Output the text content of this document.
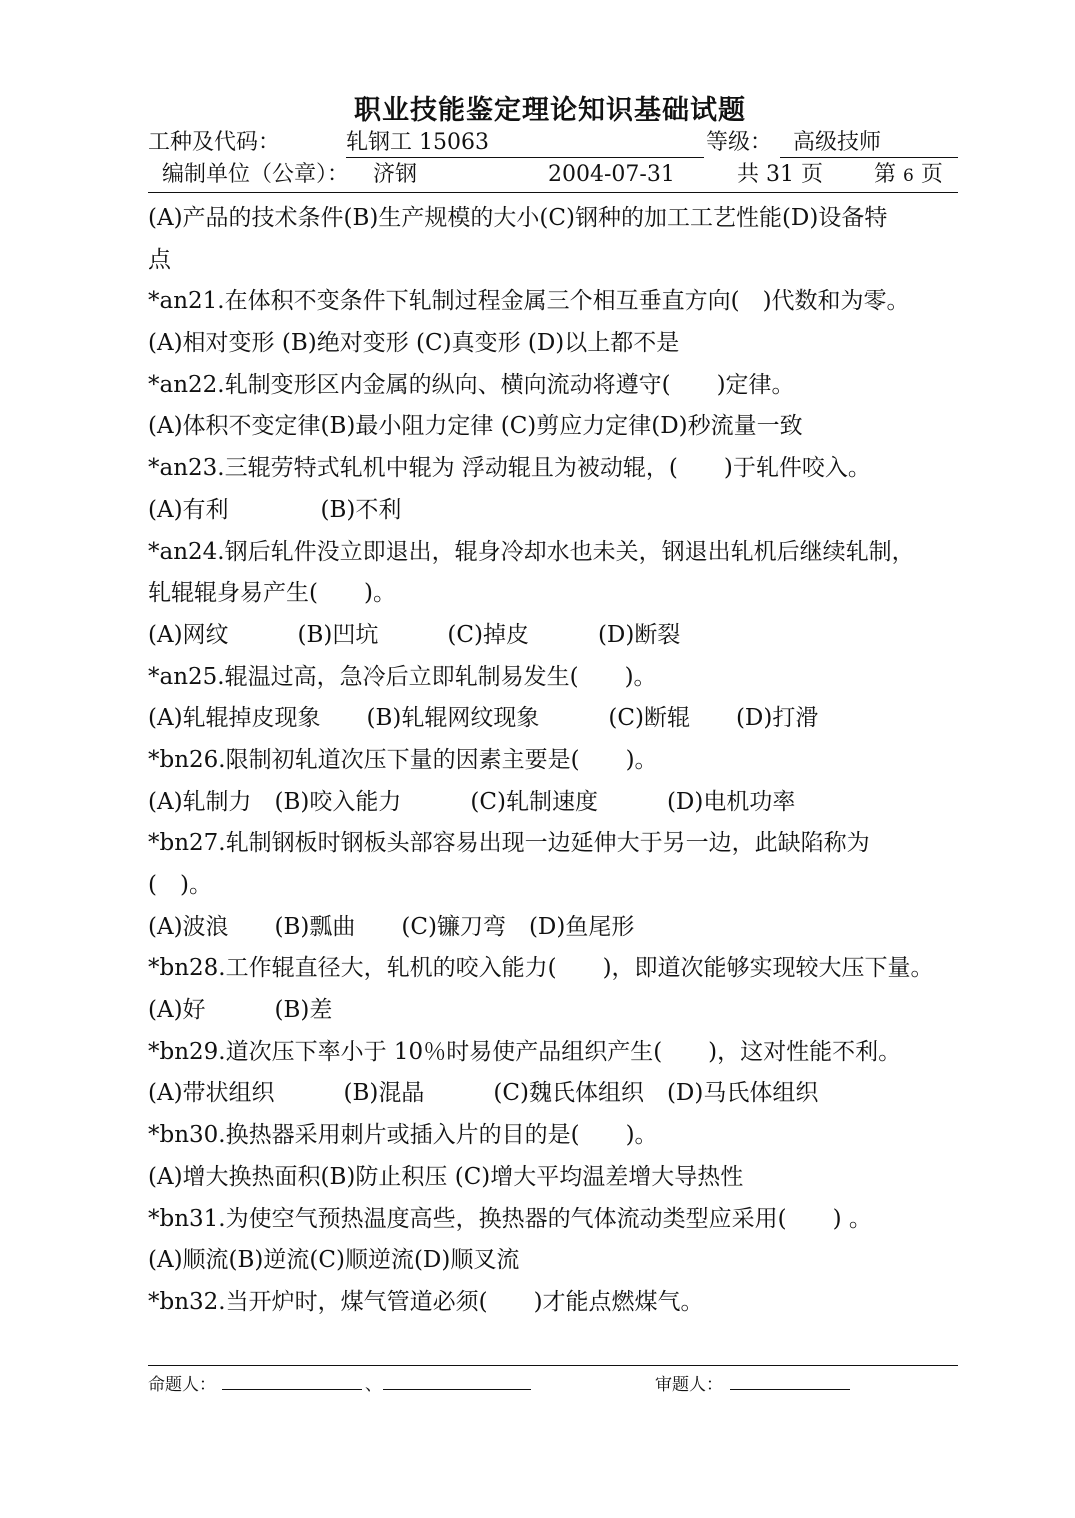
职业技能鉴定理论知识基础试题
工种及代码：	轧钢工 15063	等级： 高级技师
编制单位（公章）： 济钢	2004-07-31	共 31 页 第 6 页
(A)产品的技术条件(B)生产规模的大小(C)钢种的加工工艺性能(D)设备特
点
*an21.在体积不变条件下轧制过程金属三个相互垂直方向(　)代数和为零。
(A)相对变形 (B)绝对变形 (C)真变形 (D)以上都不是
*an22.轧制变形区内金属的纵向、横向流动将遵守(　　)定律。
(A)体积不变定律(B)最小阻力定律 (C)剪应力定律(D)秒流量一致
*an23.三辊劳特式轧机中辊为 浮动辊且为被动辊，(　　)于轧件咬入。
(A)有利　　　　(B)不利
*an24.钢后轧件没立即退出，辊身冷却水也未关，钢退出轧机后继续轧制，
轧辊辊身易产生(　　)。
(A)网纹　　　(B)凹坑　　　(C)掉皮　　　(D)断裂
*an25.辊温过高，急冷后立即轧制易发生(　　)。
(A)轧辊掉皮现象　　(B)轧辊网纹现象　　　(C)断辊　　(D)打滑
*bn26.限制初轧道次压下量的因素主要是(　　)。
(A)轧制力　(B)咬入能力　　　(C)轧制速度　　　(D)电机功率
*bn27.轧制钢板时钢板头部容易出现一边延伸大于另一边，此缺陷称为
(　)。
(A)波浪　　(B)瓢曲　　(C)镰刀弯　(D)鱼尾形
*bn28.工作辊直径大，轧机的咬入能力(　　)，即道次能够实现较大压下量。
(A)好　　　(B)差
*bn29.道次压下率小于 10％时易使产品组织产生(　　)，这对性能不利。
(A)带状组织　　　(B)混晶　　　(C)魏氏体组织　(D)马氏体组织
*bn30.换热器采用刺片或插入片的目的是(　　)。
(A)增大换热面积(B)防止积压 (C)增大平均温差增大导热性
*bn31.为使空气预热温度高些，换热器的气体流动类型应采用(　　) 。
(A)顺流(B)逆流(C)顺逆流(D)顺叉流
*bn32.当开炉时，煤气管道必须(　　)才能点燃煤气。
命题人：	、	审题人：
